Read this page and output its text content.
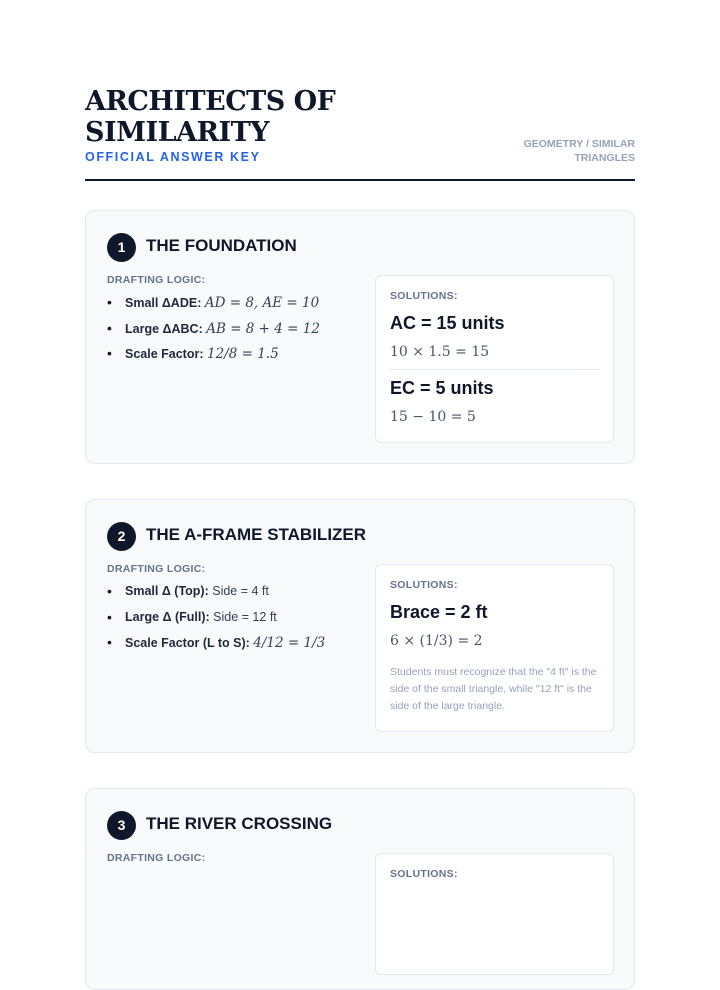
ARCHITECTS OF SIMILARITY
OFFICIAL ANSWER KEY
GEOMETRY / SIMILAR TRIANGLES
1	THE FOUNDATION
DRAFTING LOGIC:
• Small ΔADE: AD = 8, AE = 10
• Large ΔABC: AB = 8 + 4 = 12
• Scale Factor: 12/8 = 1.5
SOLUTIONS:
AC = 15 units
10 × 1.5 = 15
EC = 5 units
15 − 10 = 5
2	THE A-FRAME STABILIZER
DRAFTING LOGIC:
• Small Δ (Top): Side = 4 ft
• Large Δ (Full): Side = 12 ft
• Scale Factor (L to S): 4/12 = 1/3
SOLUTIONS:
Brace = 2 ft
6 × (1/3) = 2
Students must recognize that the "4 ft" is the side of the small triangle, while "12 ft" is the side of the large triangle.
3	THE RIVER CROSSING
DRAFTING LOGIC:
SOLUTIONS:
